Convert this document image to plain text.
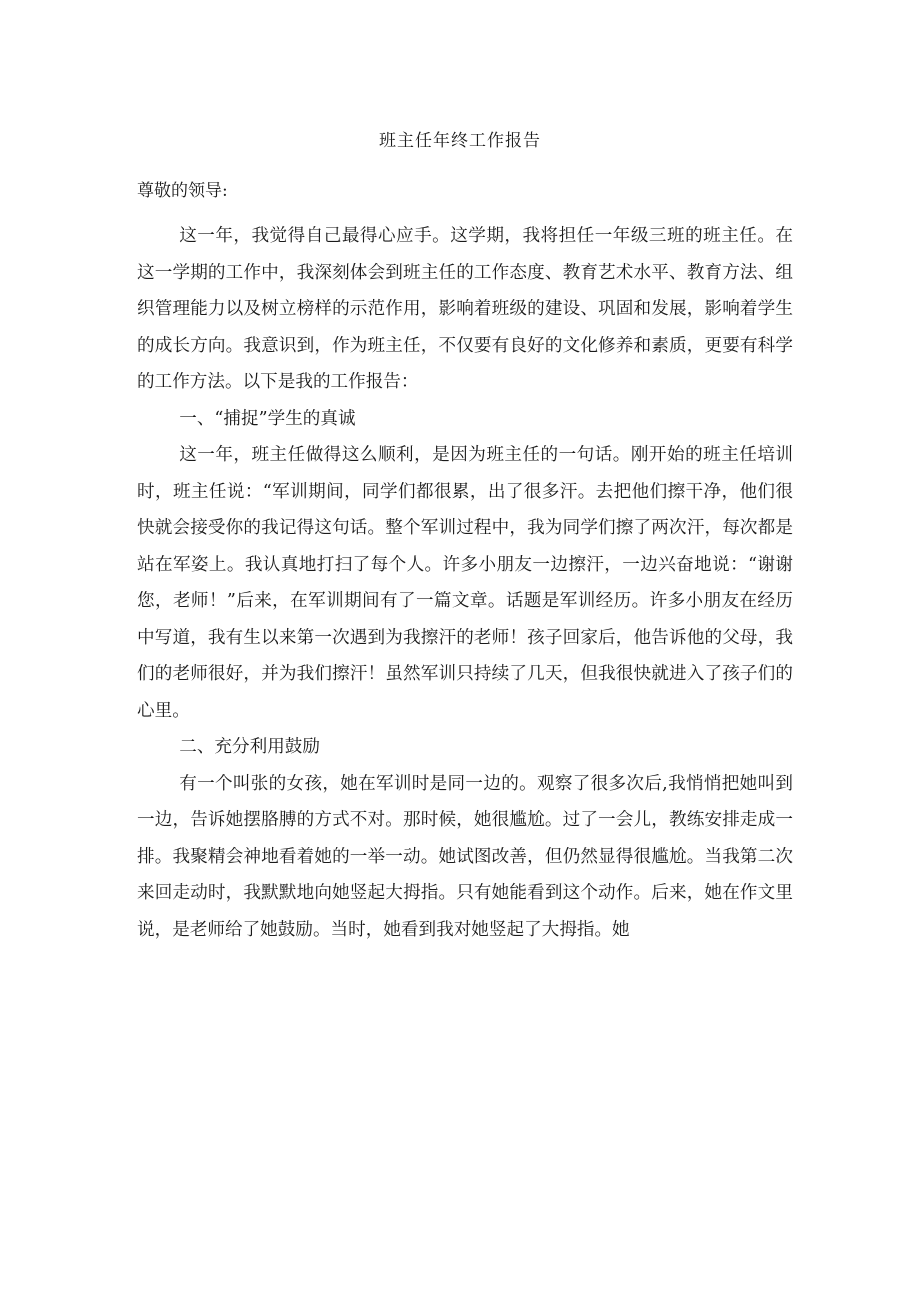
班主任年终工作报告

尊敬的领导:

这一年，我觉得自己最得心应手。这学期，我将担任一年级三班的班主任。在这一学期的工作中，我深刻体会到班主任的工作态度、教育艺术水平、教育方法、组织管理能力以及树立榜样的示范作用，影响着班级的建设、巩固和发展，影响着学生的成长方向。我意识到，作为班主任，不仅要有良好的文化修养和素质，更要有科学的工作方法。以下是我的工作报告：

一、“捕捉”学生的真诚

这一年，班主任做得这么顺利，是因为班主任的一句话。刚开始的班主任培训时，班主任说：“军训期间，同学们都很累，出了很多汗。去把他们擦干净，他们很快就会接受你的我记得这句话。整个军训过程中，我为同学们擦了两次汗，每次都是站在军姿上。我认真地打扫了每个人。许多小朋友一边擦汗，一边兴奋地说：“谢谢您，老师！”后来，在军训期间有了一篇文章。话题是军训经历。许多小朋友在经历中写道，我有生以来第一次遇到为我擦汗的老师！孩子回家后，他告诉他的父母，我们的老师很好，并为我们擦汗！虽然军训只持续了几天，但我很快就进入了孩子们的心里。

二、充分利用鼓励

有一个叫张的女孩，她在军训时是同一边的。观察了很多次后,我悄悄把她叫到一边，告诉她摆胳膊的方式不对。那时候，她很尴尬。过了一会儿，教练安排走成一排。我聚精会神地看着她的一举一动。她试图改善，但仍然显得很尴尬。当我第二次来回走动时，我默默地向她竖起大拇指。只有她能看到这个动作。后来，她在作文里说，是老师给了她鼓励。当时，她看到我对她竖起了大拇指。她
